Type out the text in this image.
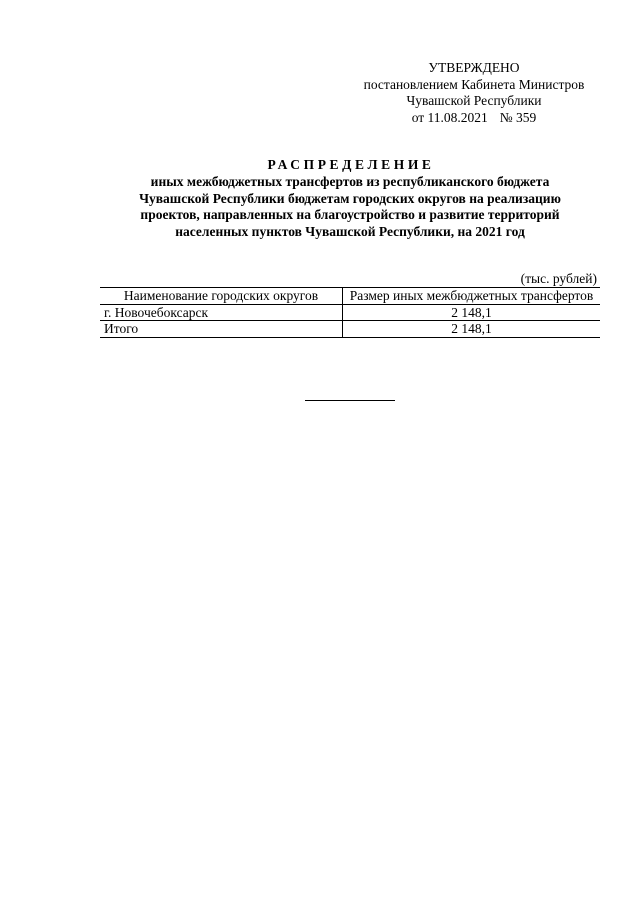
УТВЕРЖДЕНО
постановлением Кабинета Министров
Чувашской Республики
от 11.08.2021 № 359
РАСПРЕДЕЛЕНИЕ
иных межбюджетных трансфертов из республиканского бюджета
Чувашской Республики бюджетам городских округов на реализацию
проектов, направленных на благоустройство и развитие территорий
населенных пунктов Чувашской Республики, на 2021 год
(тыс. рублей)
Наименование городских округов	Размер иных межбюджетных трансфертов
г. Новочебоксарск	2 148,1
Итого	2 148,1
